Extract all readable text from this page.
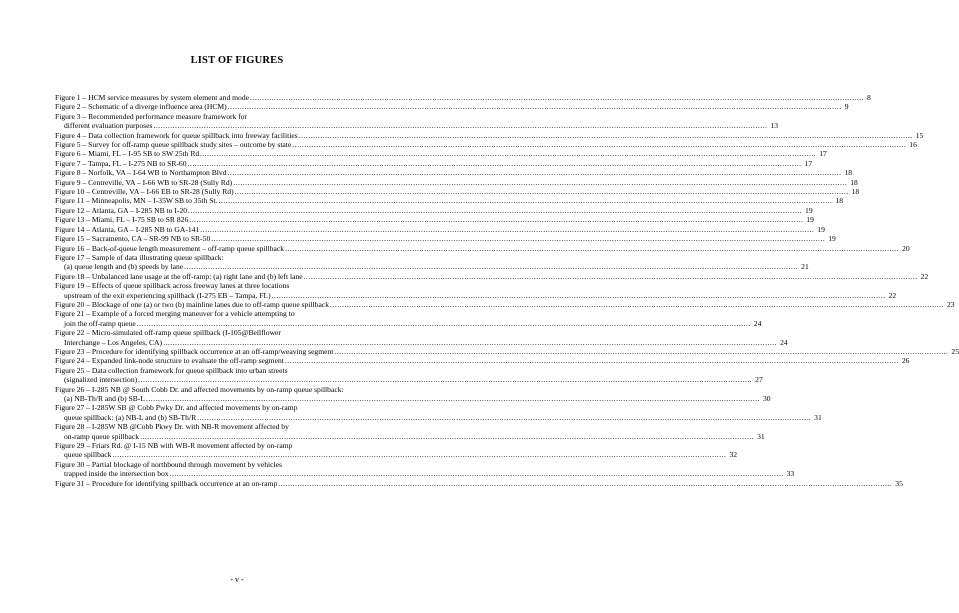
LIST OF FIGURES
Figure 1 – HCM service measures by system element and mode .....	8
Figure 2 – Schematic of a diverge influence area (HCM) .....	9
Figure 3 – Recommended performance measure framework for
different evaluation purposes .....	13
Figure 4 – Data collection framework for queue spillback into freeway facilities .....	15
Figure 5 – Survey for off-ramp queue spillback study sites – outcome by state .....	16
Figure 6 – Miami, FL – I-95 SB to SW 25th Rd. .....	17
Figure 7 – Tampa, FL – I-275 NB to SR-60 .....	17
Figure 8 – Norfolk, VA – I-64 WB to Northampton Blvd .....	18
Figure 9 – Centreville, VA – I-66 WB to SR-28 (Sully Rd) .....	18
Figure 10 – Centreville, VA – I-66 EB to SR-28 (Sully Rd) .....	18
Figure 11 – Minneapolis, MN – I-35W SB to 35th St. .....	18
Figure 12 – Atlanta, GA – I-285 NB to I-20 .....	19
Figure 13 – Miami, FL – I-75 SB to SR 826 .....	19
Figure 14 – Atlanta, GA – I-285 NB to GA-141 .....	19
Figure 15 – Sacramento, CA – SR-99 NB to SR-50 .....	19
Figure 16 – Back-of-queue length measurement – off-ramp queue spillback .....	20
Figure 17 – Sample of data illustrating queue spillback:
(a) queue length and (b) speeds by lane .....	21
Figure 18 – Unbalanced lane usage at the off-ramp: (a) right lane and (b) left lane .....	22
Figure 19 – Effects of queue spillback across freeway lanes at three locations
upstream of the exit experiencing spillback (I-275 EB – Tampa, FL) .....	22
Figure 20 – Blockage of one (a) or two (b) mainline lanes due to off-ramp queue spillback .....	23
Figure 21 – Example of a forced merging maneuver for a vehicle attempting to
join the off-ramp queue .....	24
Figure 22 – Micro-simulated off-ramp queue spillback (I-105@Bellflower
Interchange – Los Angeles, CA) .....	24
Figure 23 – Procedure for identifying spillback occurrence at an off-ramp/weaving segment .....	25
Figure 24 – Expanded link-node structure to evaluate the off-ramp segment .....	26
Figure 25 – Data collection framework for queue spillback into urban streets
(signalized intersection) .....	27
Figure 26 – I-285 NB @ South Cobb Dr. and affected movements by on-ramp queue spillback:
(a) NB-Th/R and (b) SB-L .....	30
Figure 27 – I-285W SB @ Cobb Pwky Dr. and affected movements by on-ramp
queue spillback: (a) NB-L and (b) SB-Th/R .....	31
Figure 28 – I-285W NB @Cobb Pkwy Dr. with NB-R movement affected by
on-ramp queue spillback .....	31
Figure 29 – Friars Rd. @ I-15 NB with WB-R movement affected by on-ramp
queue spillback .....	32
Figure 30 – Partial blockage of northbound through movement by vehicles
trapped inside the intersection box .....	33
Figure 31 – Procedure for identifying spillback occurrence at an on-ramp .....	35
- v -
